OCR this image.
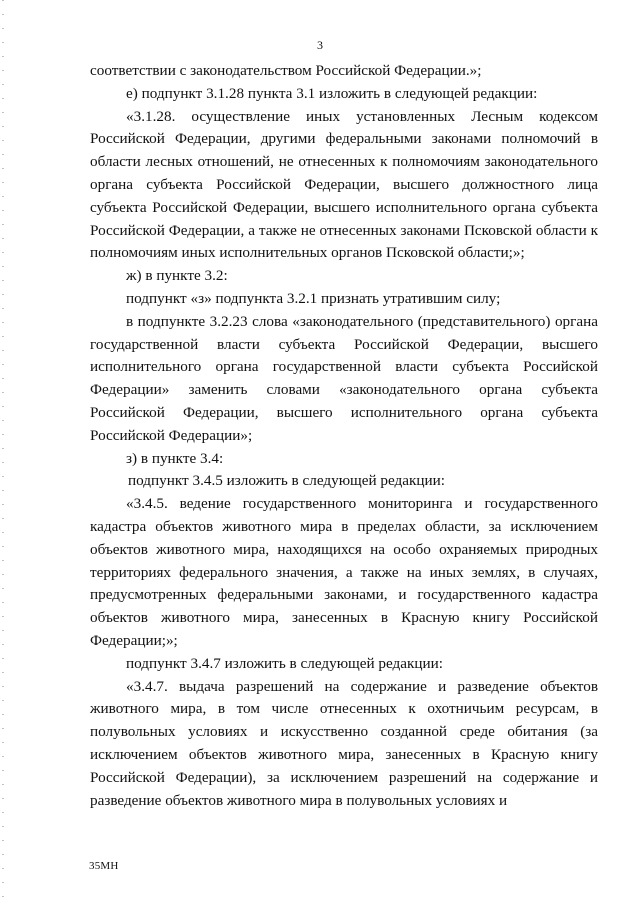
3

соответствии с законодательством Российской Федерации.»;

е) подпункт 3.1.28 пункта 3.1 изложить в следующей редакции:

«3.1.28. осуществление иных установленных Лесным кодексом Российской Федерации, другими федеральными законами полномочий в области лесных отношений, не отнесенных к полномочиям законодательного органа субъекта Российской Федерации, высшего должностного лица субъекта Российской Федерации, высшего исполнительного органа субъекта Российской Федерации, а также не отнесенных законами Псковской области к полномочиям иных исполнительных органов Псковской области;»;

ж) в пункте 3.2:

подпункт «з» подпункта 3.2.1 признать утратившим силу;

в подпункте 3.2.23 слова «законодательного (представительного) органа государственной власти субъекта Российской Федерации, высшего исполнительного органа государственной власти субъекта Российской Федерации» заменить словами «законодательного органа субъекта Российской Федерации, высшего исполнительного органа субъекта Российской Федерации»;

з) в пункте 3.4:

подпункт 3.4.5 изложить в следующей редакции:

«3.4.5. ведение государственного мониторинга и государственного кадастра объектов животного мира в пределах области, за исключением объектов животного мира, находящихся на особо охраняемых природных территориях федерального значения, а также на иных землях, в случаях, предусмотренных федеральными законами, и государственного кадастра объектов животного мира, занесенных в Красную книгу Российской Федерации;»;

подпункт 3.4.7 изложить в следующей редакции:

«3.4.7. выдача разрешений на содержание и разведение объектов животного мира, в том числе отнесенных к охотничьим ресурсам, в полувольных условиях и искусственно созданной среде обитания (за исключением объектов животного мира, занесенных в Красную книгу Российской Федерации), за исключением разрешений на содержание и разведение объектов животного мира в полувольных условиях и

35МН
